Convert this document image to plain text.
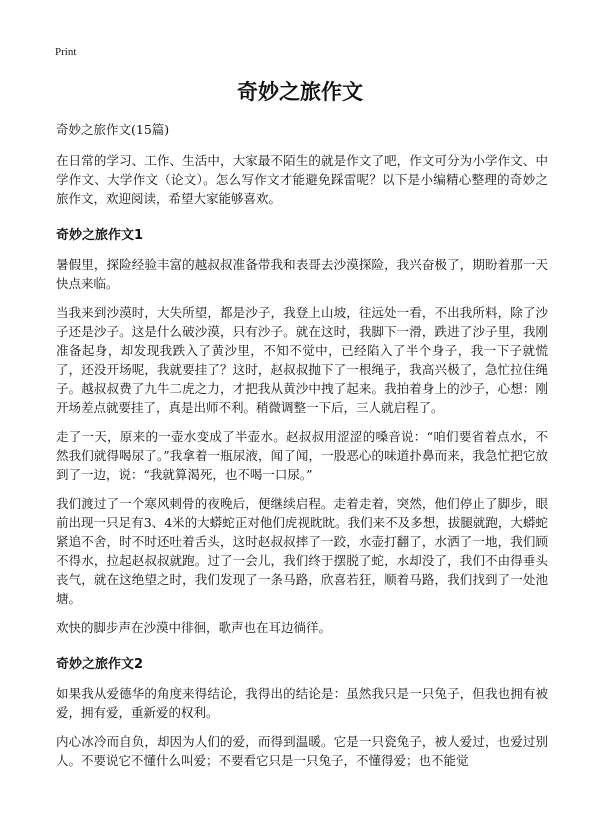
Print
奇妙之旅作文

奇妙之旅作文(15篇)

在日常的学习、工作、生活中，大家最不陌生的就是作文了吧，作文可分为小学作文、中学作文、大学作文（论文）。怎么写作文才能避免踩雷呢？以下是小编精心整理的奇妙之旅作文，欢迎阅读，希望大家能够喜欢。

奇妙之旅作文1

暑假里，探险经验丰富的越叔叔准备带我和表哥去沙漠探险，我兴奋极了，期盼着那一天快点来临。

当我来到沙漠时，大失所望，都是沙子，我登上山坡，往远处一看，不出我所料，除了沙子还是沙子。这是什么破沙漠，只有沙子。就在这时，我脚下一滑，跌进了沙子里，我刚准备起身，却发现我跌入了黄沙里，不知不觉中，已经陷入了半个身子，我一下子就慌了，还没开场呢，我就要挂了？这时，赵叔叔抛下了一根绳子，我高兴极了，急忙拉住绳子。越叔叔费了九牛二虎之力，才把我从黄沙中拽了起来。我拍着身上的沙子，心想：刚开场差点就要挂了，真是出师不利。稍微调整一下后，三人就启程了。

走了一天，原来的一壶水变成了半壶水。赵叔叔用涩涩的嗓音说：“咱们要省着点水，不然我们就得喝尿了。”我拿着一瓶尿液，闻了闻，一股恶心的味道扑鼻而来，我急忙把它放到了一边，说：“我就算渴死，也不喝一口尿。”

我们渡过了一个寒风刺骨的夜晚后，便继续启程。走着走着，突然，他们停止了脚步，眼前出现一只足有3、4米的大蟒蛇正对他们虎视眈眈。我们来不及多想，拔腿就跑，大蟒蛇紧追不舍，时不时还吐着舌头，这时赵叔叔摔了一跤，水壶打翻了，水洒了一地，我们顾不得水，拉起赵叔叔就跑。过了一会儿，我们终于摆脱了蛇，水却没了，我们不由得垂头丧气，就在这绝望之时，我们发现了一条马路，欣喜若狂，顺着马路，我们找到了一处池塘。

欢快的脚步声在沙漠中徘徊，歌声也在耳边徜徉。

奇妙之旅作文2

如果我从爱德华的角度来得结论，我得出的结论是：虽然我只是一只兔子，但我也拥有被爱，拥有爱，重新爱的权利。

内心冰冷而自负，却因为人们的爱，而得到温暖。它是一只瓷兔子，被人爱过，也爱过别人。不要说它不懂什么叫爱；不要看它只是一只兔子，不懂得爱；也不能觉
